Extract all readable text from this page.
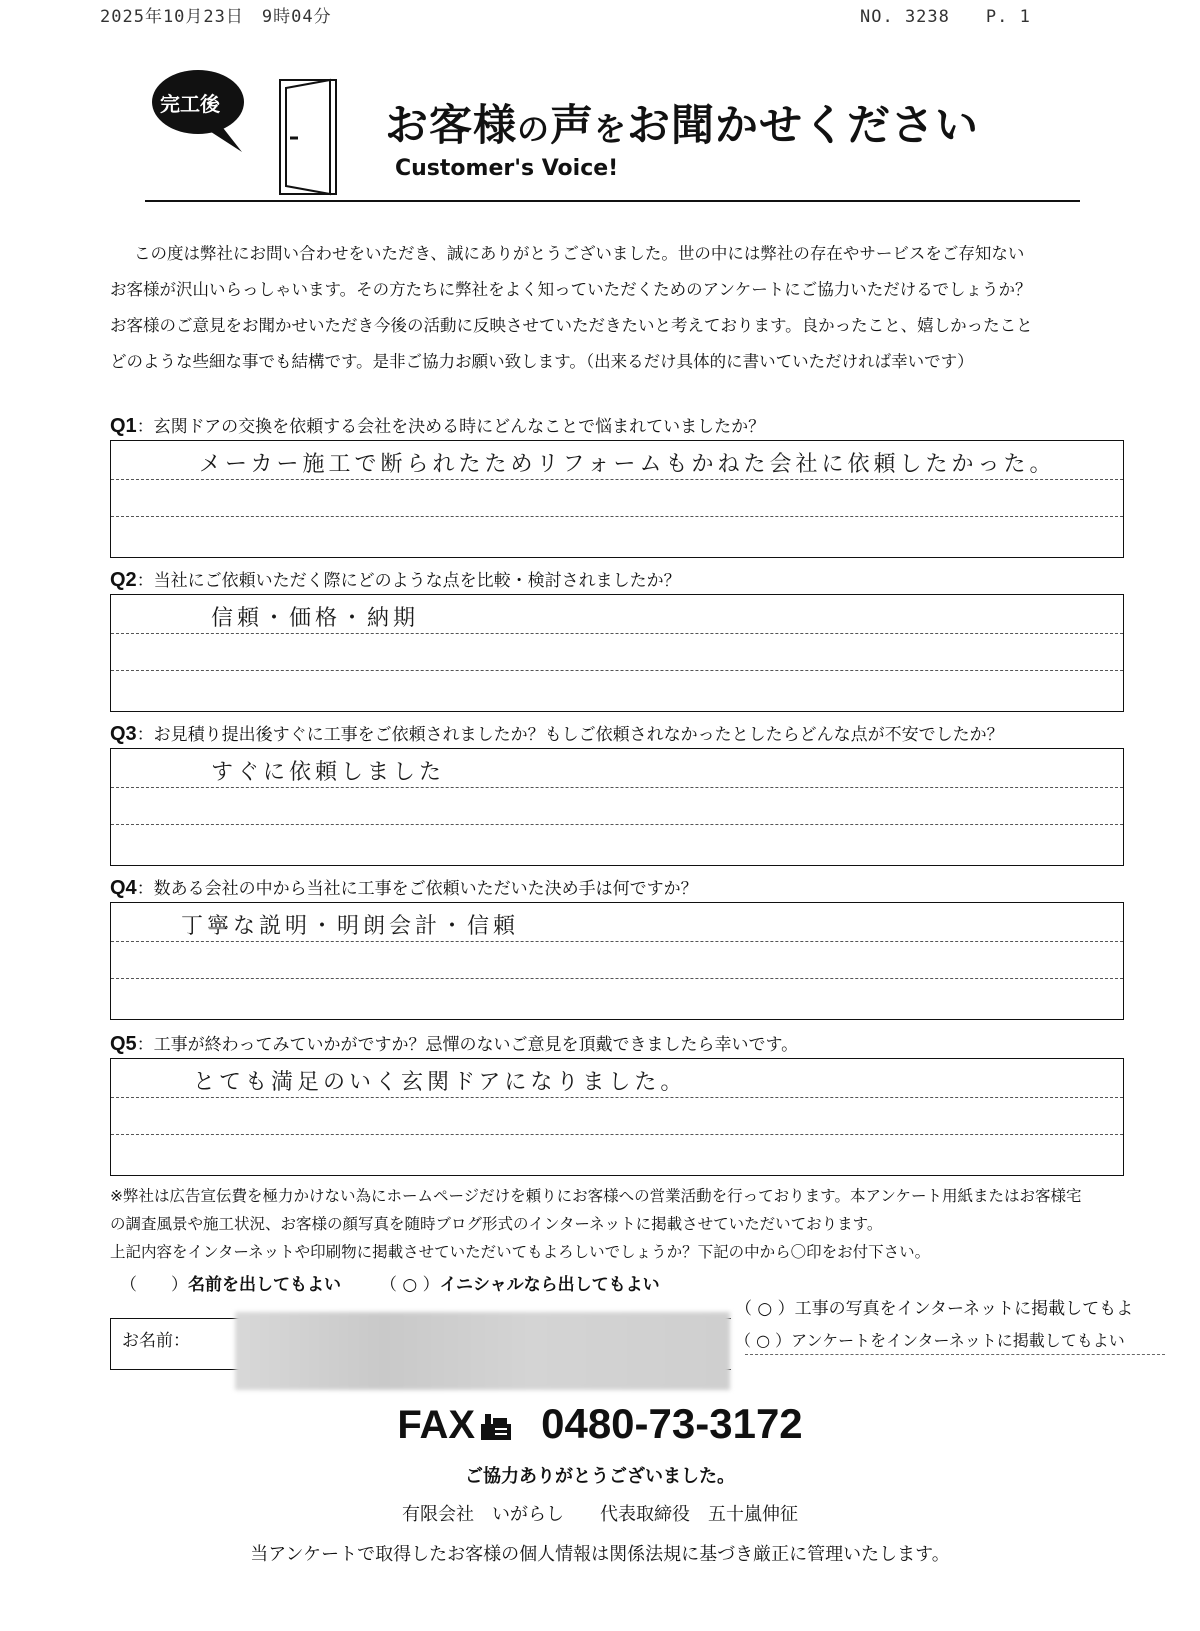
2025年10月23日　9時04分	NO. 3238　　P. 1
完工後	お客様の声をお聞かせください
Customer's Voice!
この度は弊社にお問い合わせをいただき、誠にありがとうございました。世の中には弊社の存在やサービスをご存知ない
お客様が沢山いらっしゃいます。その方たちに弊社をよく知っていただくためのアンケートにご協力いただけるでしょうか？
お客様のご意見をお聞かせいただき今後の活動に反映させていただきたいと考えております。良かったこと、嬉しかったこと
どのような些細な事でも結構です。是非ご協力お願い致します。（出来るだけ具体的に書いていただければ幸いです）
Q1：玄関ドアの交換を依頼する会社を決める時にどんなことで悩まれていましたか？
メーカー施工で断られたためリフォームもかねた会社に依頼したかった。
Q2：当社にご依頼いただく際にどのような点を比較・検討されましたか？
信頼・価格・納期
Q3：お見積り提出後すぐに工事をご依頼されましたか？もしご依頼されなかったとしたらどんな点が不安でしたか？
すぐに依頼しました
Q4：数ある会社の中から当社に工事をご依頼いただいた決め手は何ですか？
丁寧な説明・明朗会計・信頼
Q5：工事が終わってみていかがですか？忌憚のないご意見を頂戴できましたら幸いです。
とても満足のいく玄関ドアになりました。
※弊社は広告宣伝費を極力かけない為にホームページだけを頼りにお客様への営業活動を行っております。本アンケート用紙またはお客様宅
の調査風景や施工状況、お客様の顔写真を随時ブログ形式のインターネットに掲載させていただいております。
上記内容をインターネットや印刷物に掲載させていただいてもよろしいでしょうか？下記の中から〇印をお付下さい。
（　　）名前を出してもよい （ ○ ）イニシャルなら出してもよい
（ ○ ）工事の写真をインターネットに掲載してもよ
（ ○ ）アンケートをインターネットに掲載してもよい
お名前：
FAX 0480-73-3172
ご協力ありがとうございました。
有限会社　いがらし　　代表取締役　五十嵐伸征
当アンケートで取得したお客様の個人情報は関係法規に基づき厳正に管理いたします。
